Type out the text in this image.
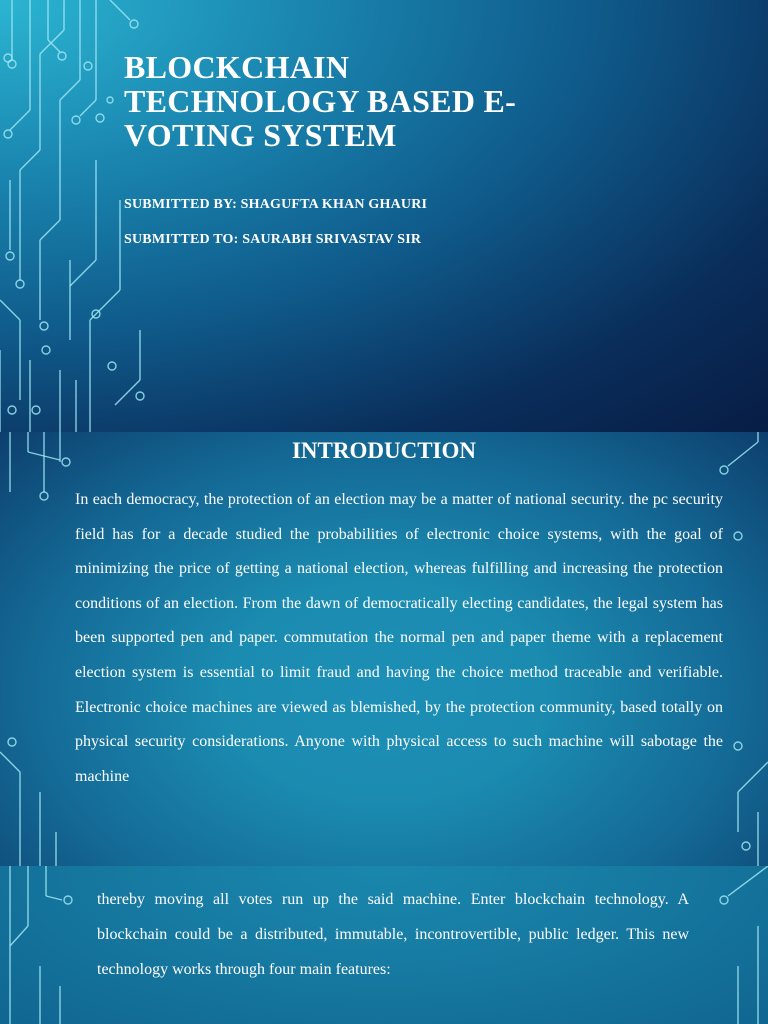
BLOCKCHAIN TECHNOLOGY BASED E-VOTING SYSTEM
SUBMITTED BY: SHAGUFTA KHAN GHAURI
SUBMITTED TO: SAURABH SRIVASTAV SIR
INTRODUCTION

In each democracy, the protection of an election may be a matter of national security. the pc security field has for a decade studied the probabilities of electronic choice systems, with the goal of minimizing the price of getting a national election, whereas fulfilling and increasing the protection conditions of an election. From the dawn of democratically electing candidates, the legal system has been supported pen and paper. commutation the normal pen and paper theme with a replacement election system is essential to limit fraud and having the choice method traceable and verifiable. Electronic choice machines are viewed as blemished, by the protection community, based totally on physical security considerations. Anyone with physical access to such machine will sabotage the machine

thereby moving all votes run up the said machine. Enter blockchain technology. A blockchain could be a distributed, immutable, incontrovertible, public ledger. This new technology works through four main features:
